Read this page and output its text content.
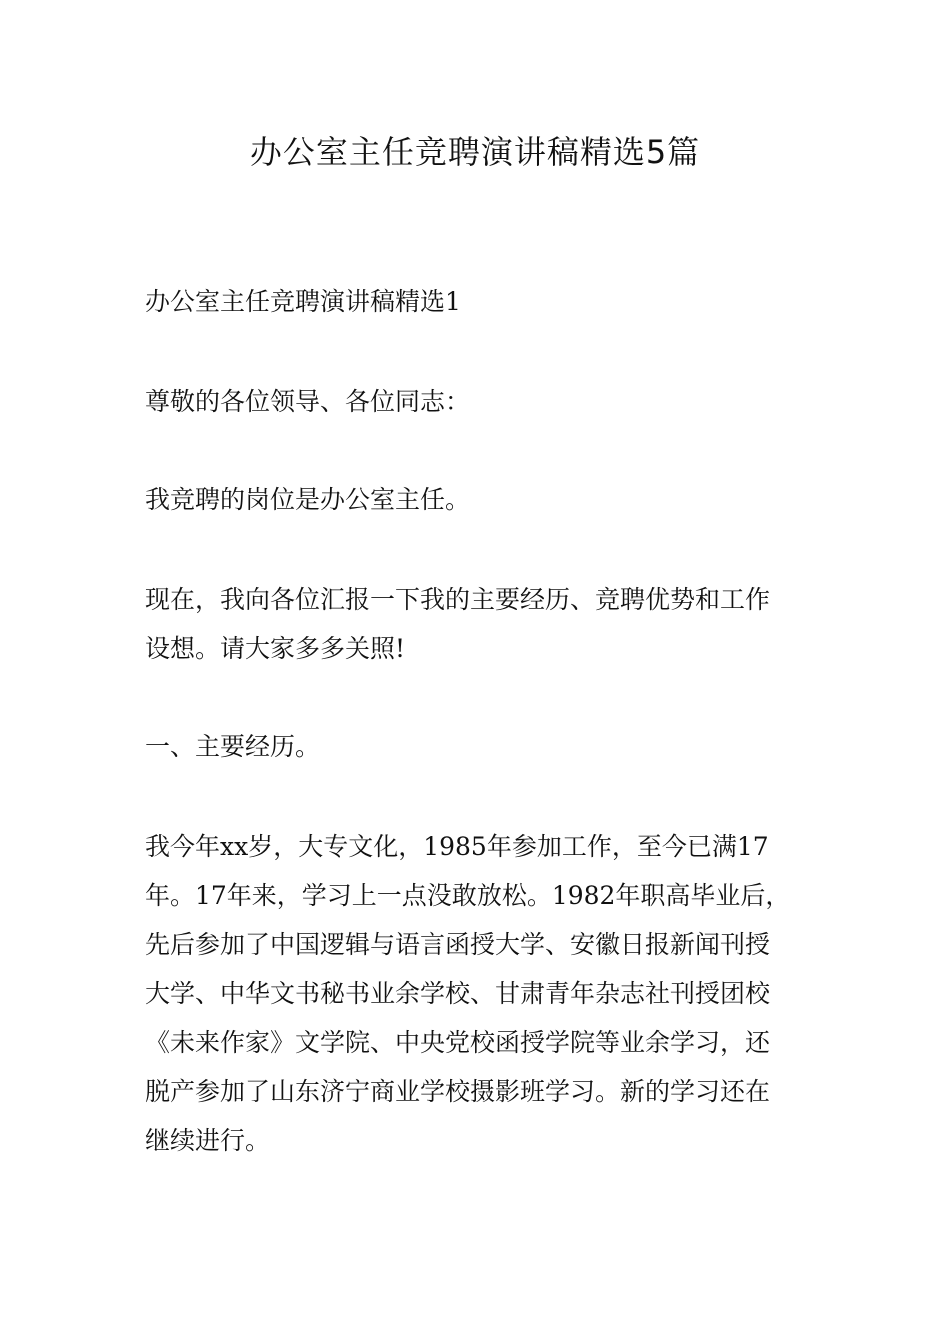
办公室主任竞聘演讲稿精选5篇

办公室主任竞聘演讲稿精选1

尊敬的各位领导、各位同志：

我竞聘的岗位是办公室主任。

现在，我向各位汇报一下我的主要经历、竞聘优势和工作
设想。请大家多多关照!

一、主要经历。

我今年xx岁，大专文化，1985年参加工作，至今已满17
年。17年来，学习上一点没敢放松。1982年职高毕业后，
先后参加了中国逻辑与语言函授大学、安徽日报新闻刊授
大学、中华文书秘书业余学校、甘肃青年杂志社刊授团校
《未来作家》文学院、中央党校函授学院等业余学习，还
脱产参加了山东济宁商业学校摄影班学习。新的学习还在
继续进行。
